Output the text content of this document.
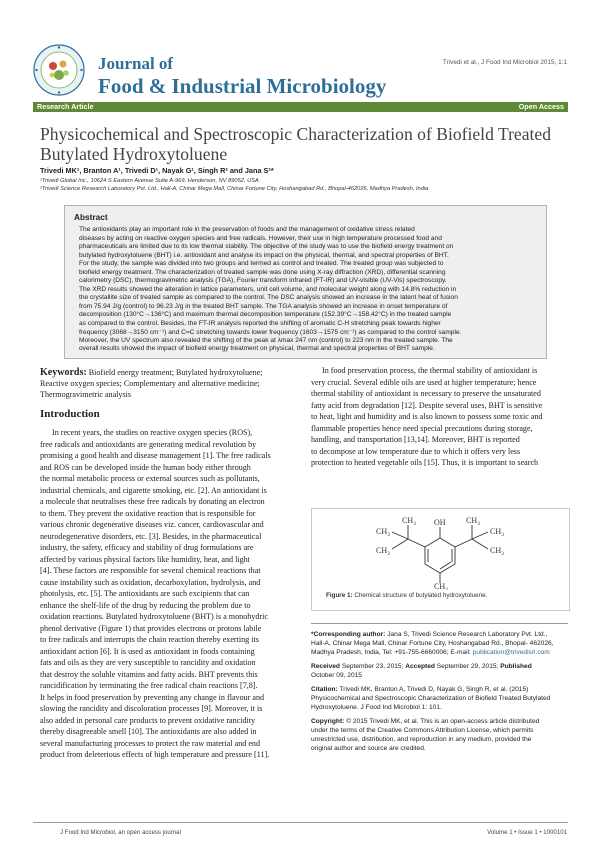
Journal of
Food & Industrial Microbiology
Trivedi et al., J Food Ind Microbiol 2015, 1:1
Research Article	Open Access
Physicochemical and Spectroscopic Characterization of Biofield Treated
Butylated Hydroxytoluene
Trivedi MK¹, Branton A¹, Trivedi D¹, Nayak G¹, Singh R² and Jana S²*
¹Trivedi Global Inc., 10624 S Eastern Avenue Suite A-969, Henderson, NV 89052, USA
²Trivedi Science Research Laboratory Pvt. Ltd., Hall-A, Chinar Mega Mall, Chinar Fortune City, Hoshangabad Rd., Bhopal-462026, Madhya Pradesh, India
Abstract
The antioxidants play an important role in the preservation of foods and the management of oxidative stress related
diseases by acting on reactive oxygen species and free radicals. However, their use in high temperature processed food and
pharmaceuticals are limited due to its low thermal stability. The objective of the study was to use the biofield energy treatment on
butylated hydroxytoluene (BHT) i.e. antioxidant and analyse its impact on the physical, thermal, and spectral properties of BHT.
For the study, the sample was divided into two groups and termed as control and treated. The treated group was subjected to
biofield energy treatment. The characterization of treated sample was done using X-ray diffraction (XRD), differential scanning
calorimetry (DSC), thermogravimetric analysis (TGA), Fourier transform infrared (FT-IR) and UV-visible (UV-Vis) spectroscopy.
The XRD results showed the alteration in lattice parameters, unit cell volume, and molecular weight along with 14.8% reduction in
the crystallite size of treated sample as compared to the control. The DSC analysis showed an increase in the latent heat of fusion
from 75.94 J/g (control) to 96.23 J/g in the treated BHT sample. The TGA analysis showed an increase in onset temperature of
decomposition (130°C→136°C) and maximum thermal decomposition temperature (152.39°C→158.42°C) in the treated sample
as compared to the control. Besides, the FT-IR analysis reported the shifting of aromatic C-H stretching peak towards higher
frequency (3068→3150 cm⁻¹) and C=C stretching towards lower frequency (1603→1575 cm⁻¹) as compared to the control sample.
Moreover, the UV spectrum also revealed the shifting of the peak at λmax 247 nm (control) to 223 nm in the treated sample. The
overall results showed the impact of biofield energy treatment on physical, thermal and spectral properties of BHT sample.
Keywords: Biofield energy treatment; Butylated hydroxytoluene;
Reactive oxygen species; Complementary and alternative medicine;
Thermogravimetric analysis
Introduction
In recent years, the studies on reactive oxygen species (ROS),
free radicals and antioxidants are generating medical revolution by
promising a good health and disease management [1]. The free radicals
and ROS can be developed inside the human body either through
the normal metabolic process or external sources such as pollutants,
industrial chemicals, and cigarette smoking, etc. [2]. An antioxidant is
a molecule that neutralises these free radicals by donating an electron
to them. They prevent the oxidative reaction that is responsible for
various chronic degenerative diseases viz. cancer, cardiovascular and
neurodegenerative disorders, etc. [3]. Besides, in the pharmaceutical
industry, the safety, efficacy and stability of drug formulations are
affected by various physical factors like humidity, heat, and light
[4]. These factors are responsible for several chemical reactions that
cause instability such as oxidation, decarboxylation, hydrolysis, and
photolysis, etc. [5]. The antioxidants are such excipients that can
enhance the shelf-life of the drug by reducing the problem due to
oxidation reactions. Butylated hydroxytoluene (BHT) is a monohydric
phenol derivative (Figure 1) that provides electrons or protons labile
to free radicals and interrupts the chain reaction thereby exerting its
antioxidant action [6]. It is used as antioxidant in foods containing
fats and oils as they are very susceptible to rancidity and oxidation
that destroy the soluble vitamins and fatty acids. BHT prevents this
rancidification by terminating the free radical chain reactions [7,8].
It helps in food preservation by preventing any change in flavour and
slowing the rancidity and discoloration processes [9]. Moreover, it is
also added in personal care products to prevent oxidative rancidity
thereby disagreeable smell [10]. The antioxidants are also added in
several manufacturing processes to protect the raw material and end
product from deleterious effects of high temperature and pressure [11].
In food preservation process, the thermal stability of antioxidant is
very crucial. Several edible oils are used at higher temperature; hence
thermal stability of antioxidant is necessary to preserve the unsaturated
fatty acid from degradation [12]. Despite several uses, BHT is sensitive
to heat, light and humidity and is also known to possess some toxic and
flammable properties hence need special precautions during storage,
handling, and transportation [13,14]. Moreover, BHT is reported
to decompose at low temperature due to which it offers very less
protection to heated vegetable oils [15]. Thus, it is important to search
OH
$CH_3$	$CH_3$
$CH_3$
$CH_3$
$CH_3$
$CH_3$
$CH_3$
Figure 1: Chemical structure of butylated hydroxytoluene.
*Corresponding author: Jana S, Trivedi Science Research Laboratory Pvt. Ltd.,
Hall-A, Chinar Mega Mall, Chinar Fortune City, Hoshangabad Rd., Bhopal- 462026,
Madhya Pradesh, India, Tel: +91-755-6660006; E-mail: publication@trivedisrl.com
Received September 23, 2015; Accepted September 29, 2015; Published
October 09, 2015
Citation: Trivedi MK, Branton A, Trivedi D, Nayak G, Singh R, et al. (2015)
Physicochemical and Spectroscopic Characterization of Biofield Treated Butylated
Hydroxytoluene. J Food Ind Microbiol 1: 101.
Copyright: © 2015 Trivedi MK, et al. This is an open-access article distributed
under the terms of the Creative Commons Attribution License, which permits
unrestricted use, distribution, and reproduction in any medium, provided the
original author and source are credited.
J Food Ind Microbiol, an open access journal	Volume 1 • Issue 1 • 1000101
